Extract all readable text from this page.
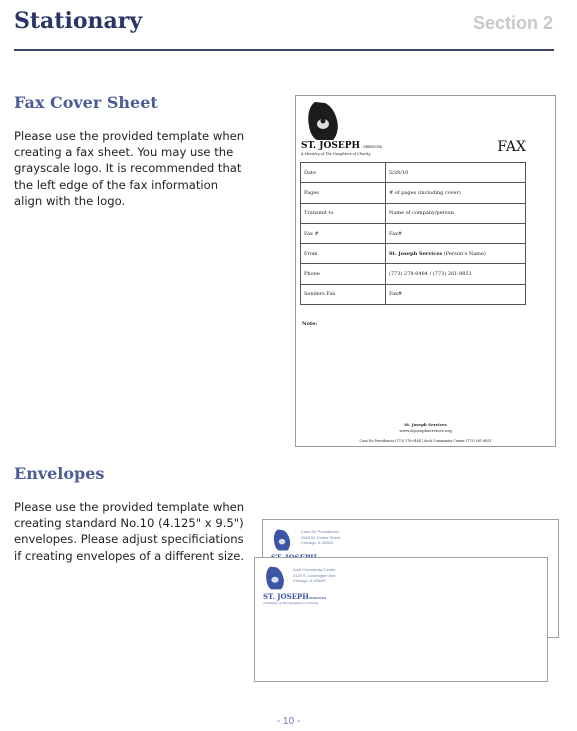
Stationary	Section 2
Fax Cover Sheet

Please use the provided template when creating a fax sheet. You may use the grayscale logo. It is recommended that the left edge of the fax information align with the logo.

ST. JOSEPH SERVICES
A Ministry of The Daughters of Charity	FAX
Date	5/28/10
Pages	# of pages (including cover)
Transmit to	Name of company/person
Fax #	Fax#
From	St. Joseph Services (Person’s Name)
Phone	(773) 278-0484 / (773) 261-8851
Senders Fax	Fax#
Note:
St. Joseph Services
www.stjosephservices.org
Casa De Providencia (773) 278-0484 | Arch Community Center (773) 261-8851
Envelopes

Please use the provided template when creating standard No.10 (4.125" x 9.5") envelopes. Please adjust specificiations if creating envelopes of a different size.

Casa De Providencia
2618 W. Cortez Street
Chicago, IL 60622
Arch Community Center
4129 S. Lowrington Ave.
Chicago, IL 60609
ST. JOSEPHSERVICES
A Ministry of The Daughters of Charity
- 10 -
